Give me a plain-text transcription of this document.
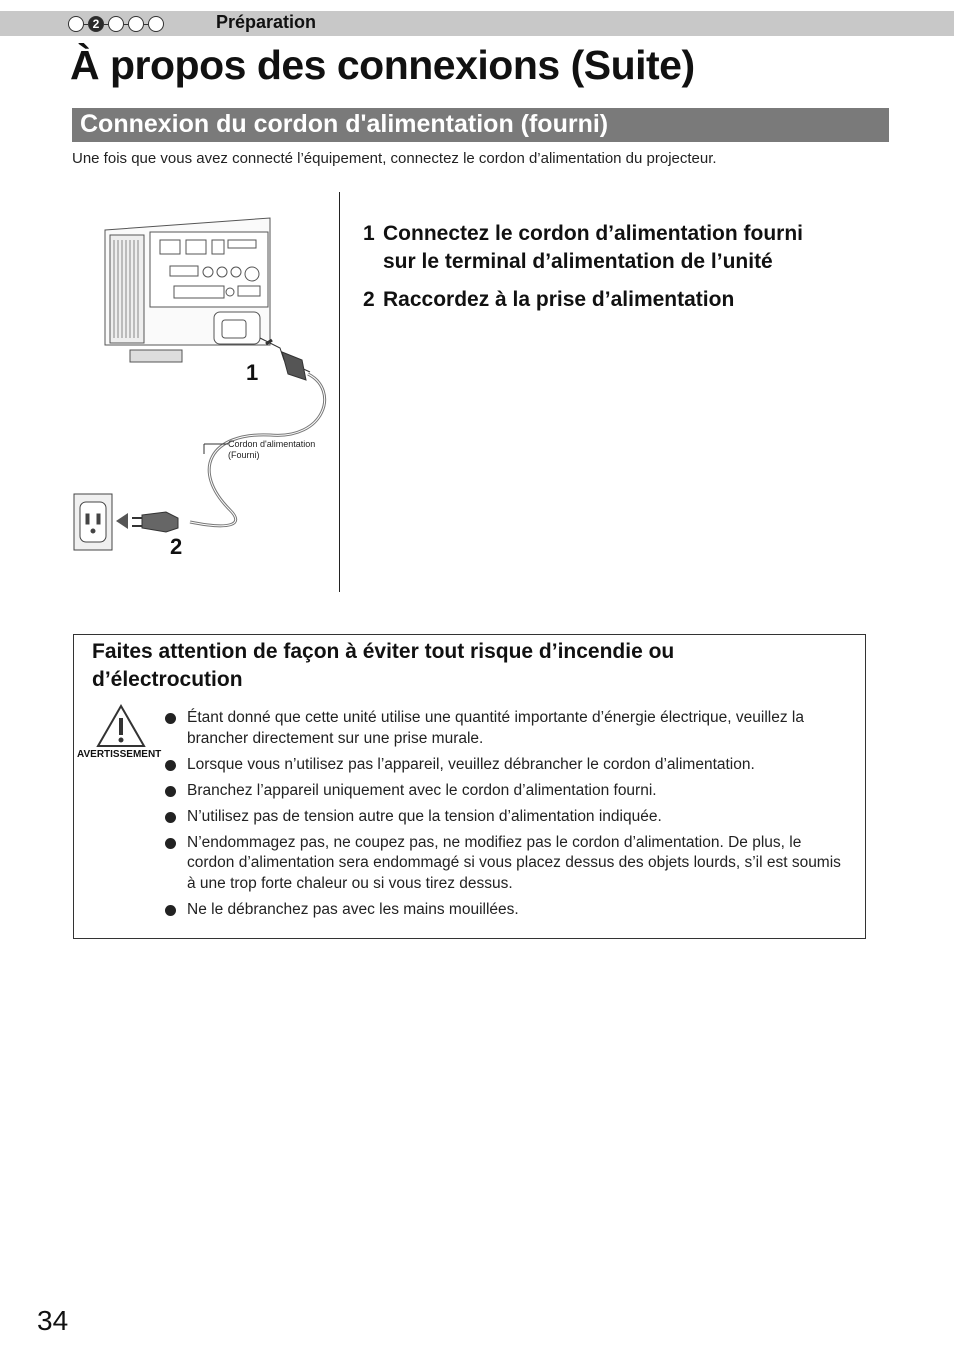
2	Préparation
À propos des connexions (Suite)
Connexion du cordon d'alimentation (fourni)
Une fois que vous avez connecté l’équipement, connectez le cordon d’alimentation du projecteur.
1
2
Cordon d'alimentation
(Fourni)
1 Connectez le cordon d’alimentation fourni
sur le terminal d’alimentation de l’unité
2 Raccordez à la prise d’alimentation
Faites attention de façon à éviter tout risque d’incendie ou d’électrocution
AVERTISSEMENT
Étant donné que cette unité utilise une quantité importante d’énergie électrique, veuillez la brancher directement sur une prise murale.
Lorsque vous n’utilisez pas l’appareil, veuillez débrancher le cordon d’alimentation.
Branchez l’appareil uniquement avec le cordon d’alimentation fourni.
N’utilisez pas de tension autre que la tension d’alimentation indiquée.
N’endommagez pas, ne coupez pas, ne modifiez pas le cordon d’alimentation. De plus, le cordon d’alimentation sera endommagé si vous placez dessus des objets lourds, s’il est soumis à une trop forte chaleur ou si vous tirez dessus.
Ne le débranchez pas avec les mains mouillées.
34
